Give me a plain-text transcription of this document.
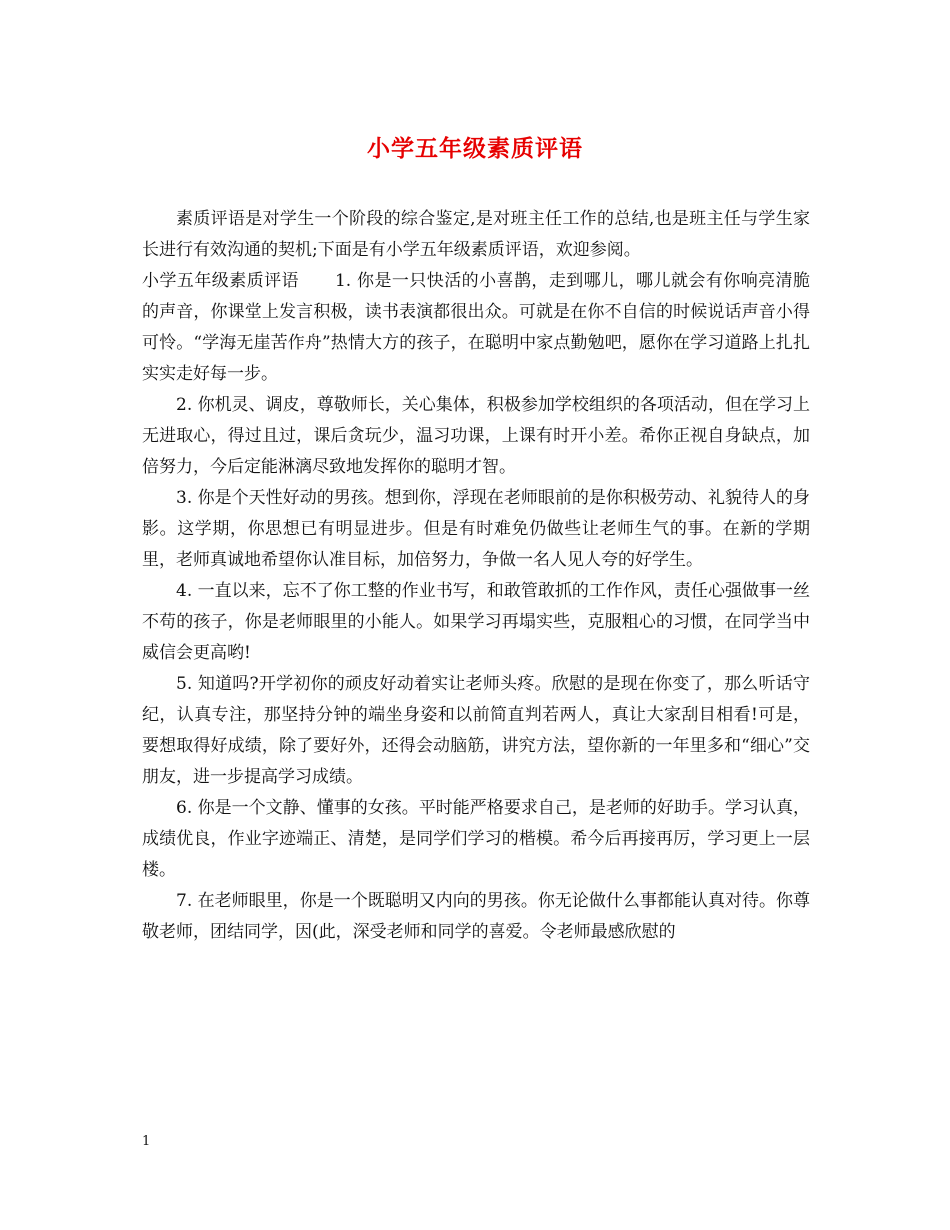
小学五年级素质评语

素质评语是对学生一个阶段的综合鉴定,是对班主任工作的总结,也是班主任与学生家长进行有效沟通的契机;下面是有小学五年级素质评语，欢迎参阅。

小学五年级素质评语 1. 你是一只快活的小喜鹊，走到哪儿，哪儿就会有你响亮清脆的声音，你课堂上发言积极，读书表演都很出众。可就是在你不自信的时候说话声音小得可怜。“学海无崖苦作舟”热情大方的孩子，在聪明中家点勤勉吧，愿你在学习道路上扎扎实实走好每一步。

2. 你机灵、调皮，尊敬师长，关心集体，积极参加学校组织的各项活动，但在学习上无进取心，得过且过，课后贪玩少，温习功课，上课有时开小差。希你正视自身缺点，加倍努力，今后定能淋漓尽致地发挥你的聪明才智。

3. 你是个天性好动的男孩。想到你，浮现在老师眼前的是你积极劳动、礼貌待人的身影。这学期，你思想已有明显进步。但是有时难免仍做些让老师生气的事。在新的学期里，老师真诚地希望你认准目标，加倍努力，争做一名人见人夸的好学生。

4. 一直以来，忘不了你工整的作业书写，和敢管敢抓的工作作风，责任心强做事一丝不苟的孩子，你是老师眼里的小能人。如果学习再塌实些，克服粗心的习惯，在同学当中威信会更高哟!

5. 知道吗?开学初你的顽皮好动着实让老师头疼。欣慰的是现在你变了，那么听话守纪，认真专注，那坚持分钟的端坐身姿和以前简直判若两人，真让大家刮目相看!可是，要想取得好成绩，除了要好外，还得会动脑筋，讲究方法，望你新的一年里多和“细心”交朋友，进一步提高学习成绩。

6. 你是一个文静、懂事的女孩。平时能严格要求自己，是老师的好助手。学习认真，成绩优良，作业字迹端正、清楚，是同学们学习的楷模。希今后再接再厉，学习更上一层楼。

7. 在老师眼里，你是一个既聪明又内向的男孩。你无论做什么事都能认真对待。你尊敬老师，团结同学，因(此，深受老师和同学的喜爱。令老师最感欣慰的

1
